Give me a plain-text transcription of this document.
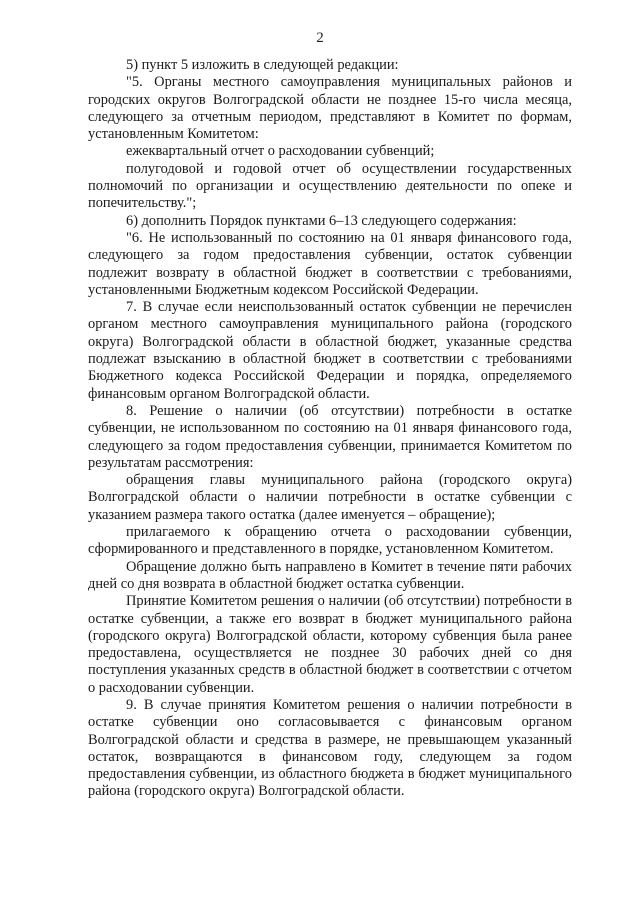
2

5) пункт 5 изложить в следующей редакции:

"5. Органы местного самоуправления муниципальных районов и городских округов Волгоградской области не позднее 15-го числа месяца, следующего за отчетным периодом, представляют в Комитет по формам, установленным Комитетом:

ежеквартальный отчет о расходовании субвенций;

полугодовой и годовой отчет об осуществлении государственных полномочий по организации и осуществлению деятельности по опеке и попечительству.";

6) дополнить Порядок пунктами 6–13 следующего содержания:

"6. Не использованный по состоянию на 01 января финансового года, следующего за годом предоставления субвенции, остаток субвенции подлежит возврату в областной бюджет в соответствии с требованиями, установленными Бюджетным кодексом Российской Федерации.

7. В случае если неиспользованный остаток субвенции не перечислен органом местного самоуправления муниципального района (городского округа) Волгоградской области в областной бюджет, указанные средства подлежат взысканию в областной бюджет в соответствии с требованиями Бюджетного кодекса Российской Федерации и порядка, определяемого финансовым органом Волгоградской области.

8. Решение о наличии (об отсутствии) потребности в остатке субвенции, не использованном по состоянию на 01 января финансового года, следующего за годом предоставления субвенции, принимается Комитетом по результатам рассмотрения:

обращения главы муниципального района (городского округа) Волгоградской области о наличии потребности в остатке субвенции с указанием размера такого остатка (далее именуется – обращение);

прилагаемого к обращению отчета о расходовании субвенции, сформированного и представленного в порядке, установленном Комитетом.

Обращение должно быть направлено в Комитет в течение пяти рабочих дней со дня возврата в областной бюджет остатка субвенции.

Принятие Комитетом решения о наличии (об отсутствии) потребности в остатке субвенции, а также его возврат в бюджет муниципального района (городского округа) Волгоградской области, которому субвенция была ранее предоставлена, осуществляется не позднее 30 рабочих дней со дня поступления указанных средств в областной бюджет в соответствии с отчетом о расходовании субвенции.

9. В случае принятия Комитетом решения о наличии потребности в остатке субвенции оно согласовывается с финансовым органом Волгоградской области и средства в размере, не превышающем указанный остаток, возвращаются в финансовом году, следующем за годом предоставления субвенции, из областного бюджета в бюджет муниципального района (городского округа) Волгоградской области.
